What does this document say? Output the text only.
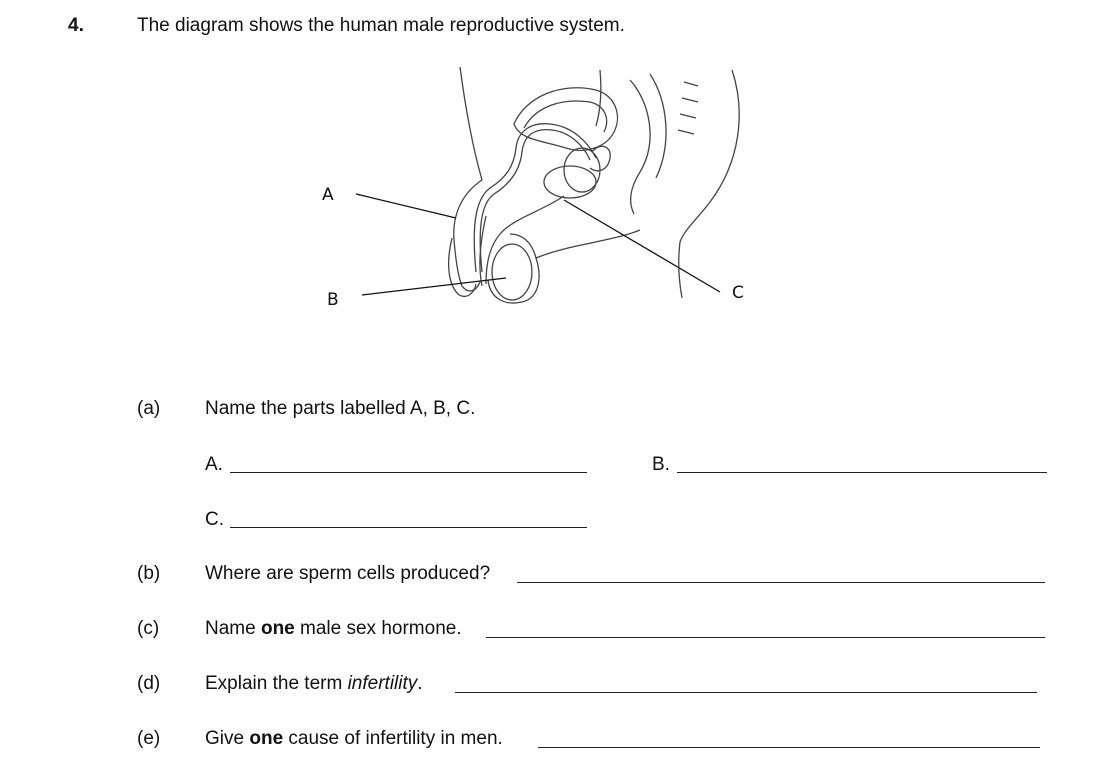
4.	The diagram shows the human male reproductive system.
A
B	C
(a) Name the parts labelled A, B, C.
A.	B.
C.
(b) Where are sperm cells produced?
(c) Name one male sex hormone.
(d) Explain the term infertility.
(e) Give one cause of infertility in men.
